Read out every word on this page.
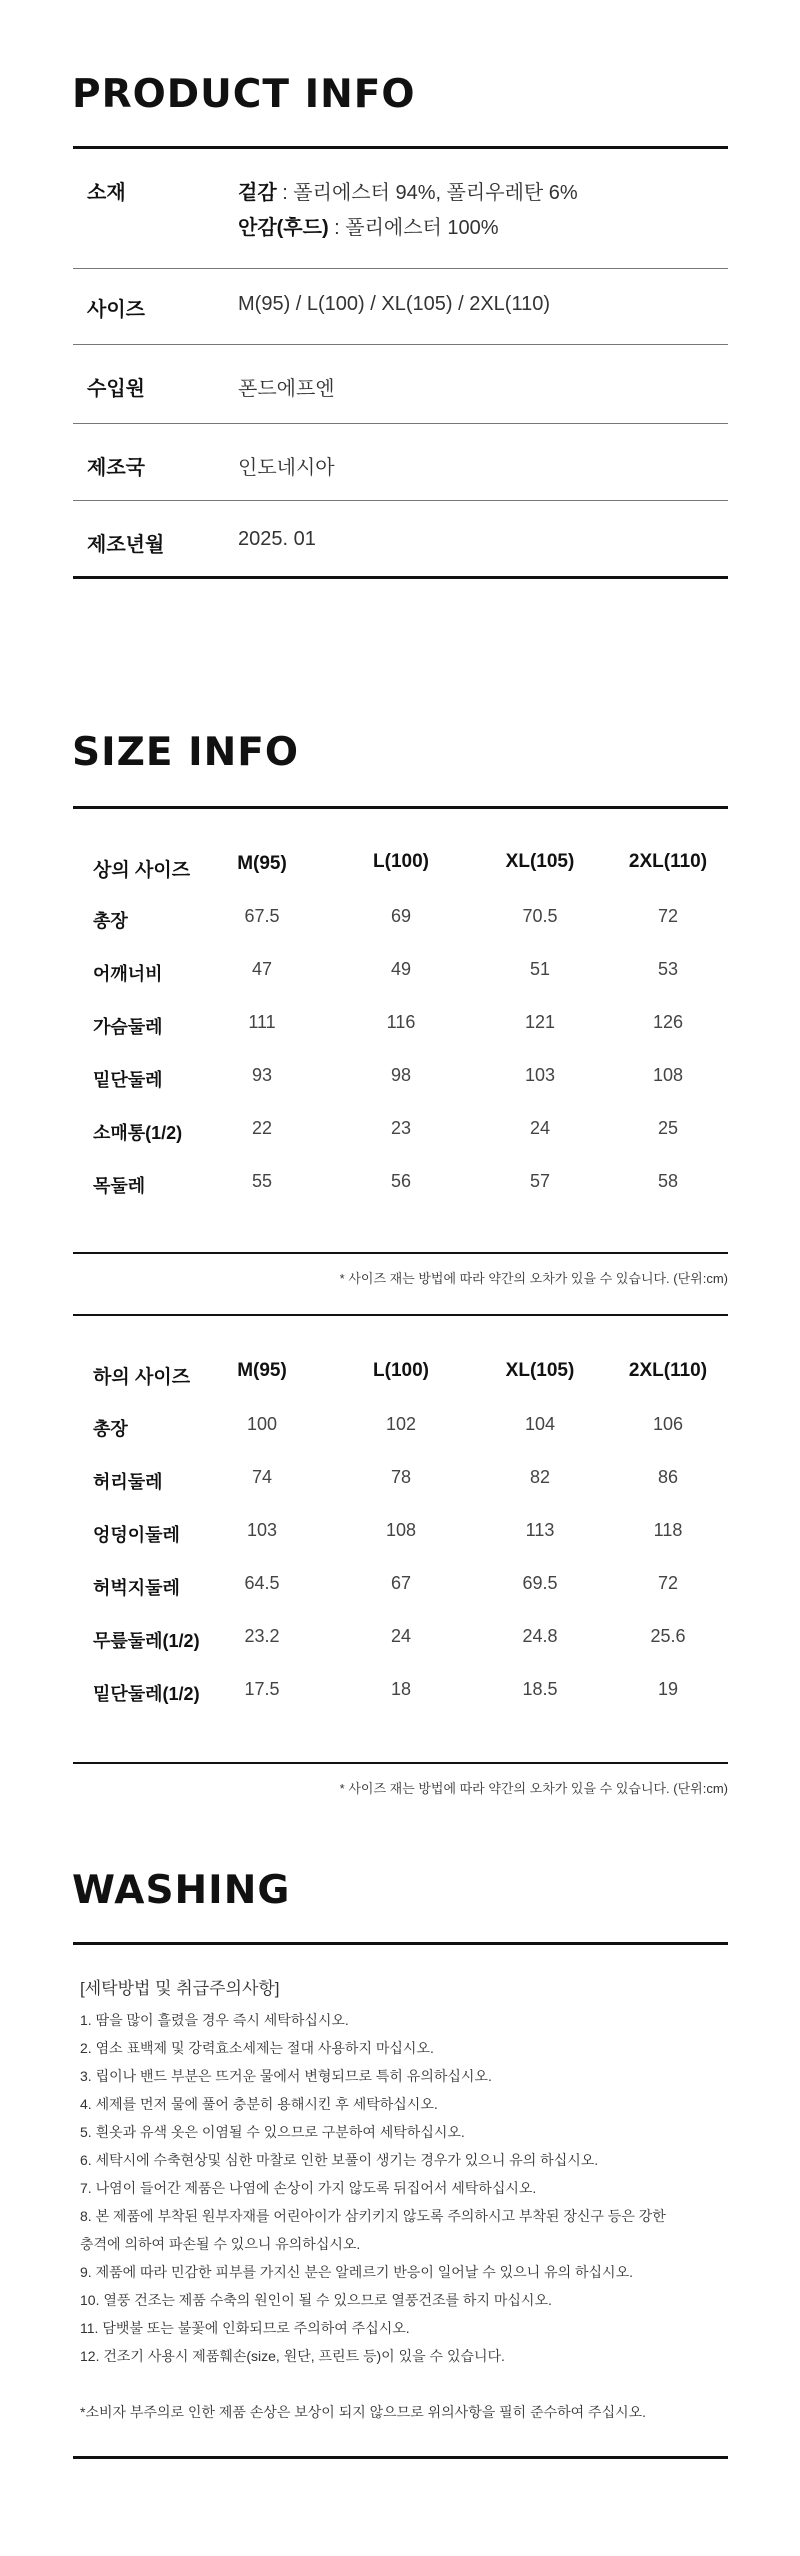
PRODUCT INFO
소재	겉감 : 폴리에스터 94%, 폴리우레탄 6%
안감(후드) : 폴리에스터 100%
사이즈	M(95) / L(100) / XL(105) / 2XL(110)
수입원	폰드에프엔
제조국	인도네시아
제조년월	2025. 01
SIZE INFO
상의 사이즈	M(95)	L(100)	XL(105)	2XL(110)
총장	67.5	69	70.5	72
어깨너비	47	49	51	53
가슴둘레	111	116	121	126
밑단둘레	93	98	103	108
소매통(1/2)	22	23	24	25
목둘레	55	56	57	58
* 사이즈 재는 방법에 따라 약간의 오차가 있을 수 있습니다. (단위:cm)
하의 사이즈	M(95)	L(100)	XL(105)	2XL(110)
총장	100	102	104	106
허리둘레	74	78	82	86
엉덩이둘레	103	108	113	118
허벅지둘레	64.5	67	69.5	72
무릎둘레(1/2)	23.2	24	24.8	25.6
밑단둘레(1/2)	17.5	18	18.5	19
* 사이즈 재는 방법에 따라 약간의 오차가 있을 수 있습니다. (단위:cm)
WASHING
[세탁방법 및 취급주의사항]
1. 땀을 많이 흘렸을 경우 즉시 세탁하십시오.
2. 염소 표백제 및 강력효소세제는 절대 사용하지 마십시오.
3. 립이나 밴드 부분은 뜨거운 물에서 변형되므로 특히 유의하십시오.
4. 세제를 먼저 물에 풀어 충분히 용해시킨 후 세탁하십시오.
5. 흰옷과 유색 옷은 이염될 수 있으므로 구분하여 세탁하십시오.
6. 세탁시에 수축현상및 심한 마찰로 인한 보풀이 생기는 경우가 있으니 유의 하십시오.
7. 나염이 들어간 제품은 나염에 손상이 가지 않도록 뒤집어서 세탁하십시오.
8. 본 제품에 부착된 원부자재를 어린아이가 삼키키지 않도록 주의하시고 부착된 장신구 등은 강한
충격에 의하여 파손될 수 있으니 유의하십시오.
9. 제품에 따라 민감한 피부를 가지신 분은 알레르기 반응이 일어날 수 있으니 유의 하십시오.
10. 열풍 건조는 제품 수축의 원인이 될 수 있으므로 열풍건조를 하지 마십시오.
11. 담뱃불 또는 불꽃에 인화되므로 주의하여 주십시오.
12. 건조기 사용시 제품훼손(size, 원단, 프린트 등)이 있을 수 있습니다.
*소비자 부주의로 인한 제품 손상은 보상이 되지 않으므로 위의사항을 필히 준수하여 주십시오.
